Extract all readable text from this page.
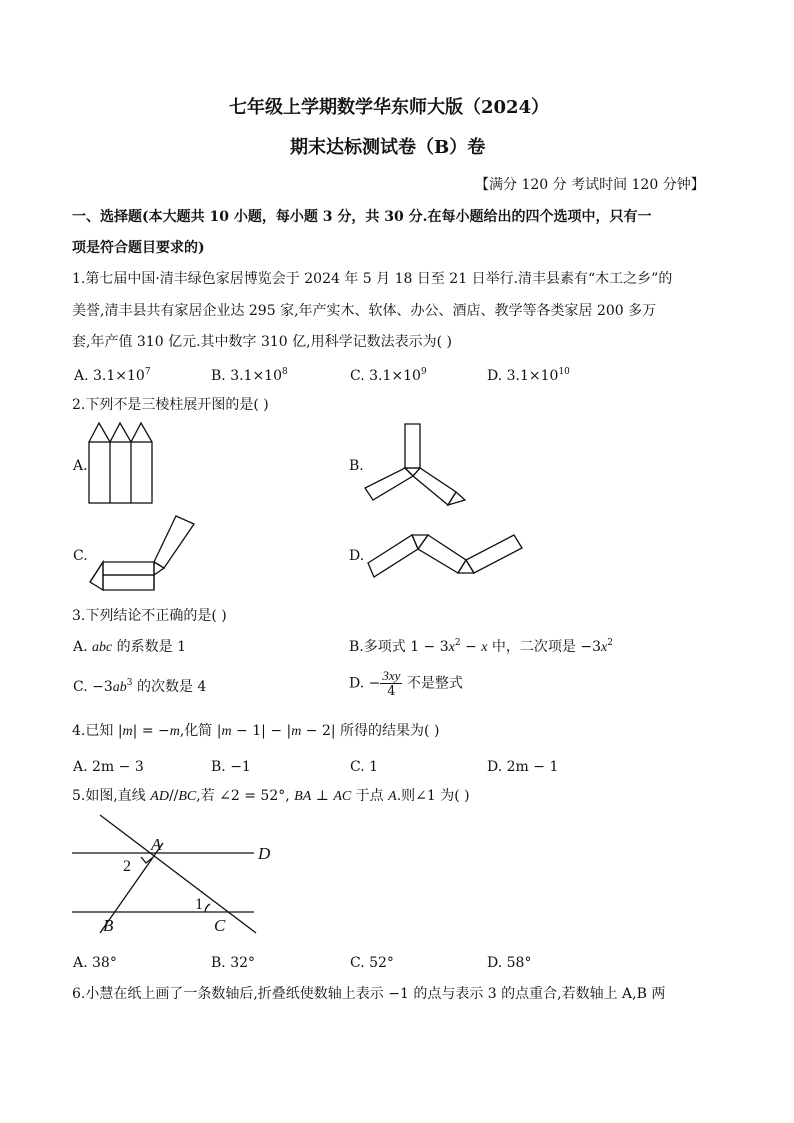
七年级上学期数学华东师大版（2024）
期末达标测试卷（B）卷
【满分 120 分 考试时间 120 分钟】
一、选择题(本大题共 10 小题，每小题 3 分，共 30 分.在每小题给出的四个选项中，只有一
项是符合题目要求的)
1.第七届中国·清丰绿色家居博览会于 2024 年 5 月 18 日至 21 日举行.清丰县素有“木工之乡”的
美誉,清丰县共有家居企业达 295 家,年产实木、软体、办公、酒店、教学等各类家居 200 多万
套,年产值 310 亿元.其中数字 310 亿,用科学记数法表示为( )
A. $3.1\times 10^7$	B. $3.1\times 10^8$	C. $3.1\times 10^9$	D. $3.1\times 10^{10}$
2.下列不是三棱柱展开图的是( )
A.	B.
C.	D.
3.下列结论不正确的是( )
A. abc 的系数是 1	B.多项式 $1 - 3x^2 - x$ 中，二次项是 $-3x^2$
C. $-3ab^3$ 的次数是 4	D. − $\frac{3xy}{4}$ 不是整式
4.已知 |m| = −m,化简 |m − 1| − |m − 2| 所得的结果为( )
A. 2m − 3	B. −1	C. 1	D. 2m − 1
5.如图,直线 AD//BC,若 ∠2 = 52°, BA ⊥ AC 于点 A.则∠1 为( )
A	D
B	C
2
1
A. 38°	B. 32°	C. 52°	D. 58°
6.小慧在纸上画了一条数轴后,折叠纸使数轴上表示 −1 的点与表示 3 的点重合,若数轴上 A,B 两
